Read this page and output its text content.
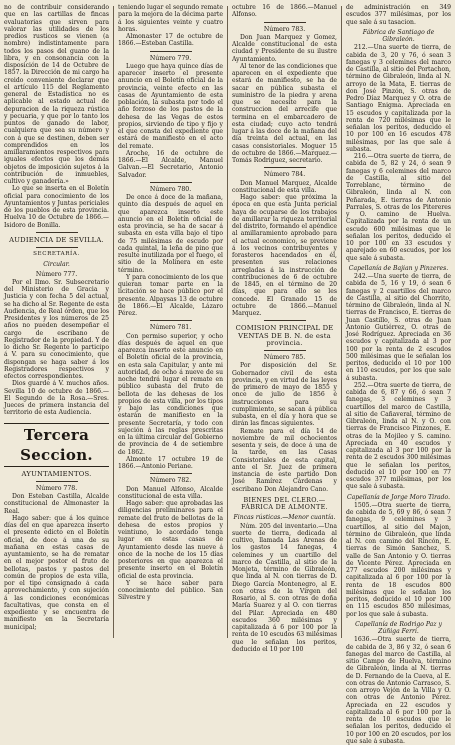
no de contribuir considerando que en las cartillas de fincas evaluatorias que sirven para valorar las utilidades de los predios rusticos se vienen (a nombre) indistintamente para todos los pasos del guano de la libra, y en consonancia con la disposición de 14 de Octubre de 1857. la Dirección de mi cargo ha creido conveniente declarar que el artículo 115 del Reglamento general de Estadística no es aplicable al estado actual de depuracion de la riqueza rústica y pecuaria, y que por lo tanto los puntos de ganado de labor, cualquiera que sea su número y con á que se destinen, deben ser comprendidos en los amillaramientos respectivos para iguales efectos que los demás objetos de imposición sujetos á la contribución de inmuebles, cultivo y ganadería.»

Lo que se inserta en el Boletín oficial para conocimiento de los Ayuntamientos y Juntas periciales de los pueblos de esta provincia. Huelva 10 de Octubre de 1866.—Isidoro de Bonilla.

AUDIENCIA DE SEVILLA.
SECRETARÍA.
Circular.
Número 777.

Por el Ilmo. Sr. Subsecretario del Ministerio de Gracia y Justicia y con fecha 5 del actual, se ha dicho al Sr. Regente de esta Audiencia, de Real órden, que los Presidentes y los números de 25 años no pueden desempeñar el cargo de escribano de Registrador de la propiedad. Y de lo dicho Sr. Regente lo participo á V. para su conocimiento, que dispongan se haga saber á los Registradores respectivos y efectos correspondientes.

Dios guarde á V. muchos años. Sevilla 10 de octubre de 1866.—El Segundo de la Rosa.—Sres. Jueces de primera instancia del territorio de esta Audiencia.

Tercera Seccion.
AYUNTAMIENTOS.
Número 778.

Don Esteban Castilla, Alcalde constitucional de Almonaster la Real.

Hago saber: que á los quince días del en que aparezca inserto el presente edicto en el Boletín oficial, de doce á una de su mañana en estas casas de ayuntamiento, se ha de rematar en el mejor postor el fruto de bellotas, pastos y pastos del común de propios de esta villa, por el tipo consignado á cada aprovechamiento, y con sujeción á las condiciones económicas facultativas, que consta en el expediente y se encuentra de manifiesto en la Secretaría municipal;

teniendo lugar el segundo remate para la mejora de la décima parte á los siguientes veinte y cuatro horas.

Almonaster 17 de octubre de 1866.—Esteban Castilla.

Número 779.

Luego que haya quince días de aparecer inserto el presente anuncio en el Boletín oficial de la provincia, veinte efecto en las casas de Ayuntamiento de esta población, la subasta por todo el año forzoso de los pastos de la dehesa de las Vegas de estos propios, sirviendo de tipo y fijo y el que consta del expediente que estará de manifiesto en el acto del remate.

Aroche, 16 de octubre de 1866.—El Alcalde, Manuel Galvan.—El Secretario, Antonio Salvador.

Número 780.

De once á doce de la mañana, quinto día después de aquel en que aparezca inserto este anuncio en el Boletín oficial de esta provincia, se ha de sacar á subasta en esta villa bajo el tipo de 75 milésimas de escudo por cada quintal, la leña de pino que resulte inutilizada por el fuego, el sitio de la Molinera en este término.

Y para conocimiento de los que quieran tomar parte en la licitación se hace público por el presente. Alpaysas 13 de octubre de 1866.—El Alcalde, Lázaro Pérez.

Número 781.

Con permiso superior, y ocho días después de aquel en que aparezca inserto este anuncio en el Boletín oficial de la provincia, en esta sala Capitular, y ante mi autoridad, de ocho á nueve de su noche tendrá lugar el remate en público subasta del fruto de bellota de las dehesas de los propios de esta villa, por los tipos y bajo las condiciones que estarán de manifiesto en la presente Secretaría, y todo con sujeción á las reglas prescritas en la última circular del Gobierno de provincia de 4 de setiembre de 1862.

Almonte 17 octubre 19 de 1866.—Antonio Periane.

Número 782.

Don Manuel Alfonso, Alcalde constitucional de esta villa.

Hago saber: que aprobadas las diligencias preliminares para el remate del fruto de bellotas de la dehesa de estos propios y veintiuno, lo acordado tenga lugar en estas casas de Ayuntamiento desde las nueve á once de la noche de los 15 días posteriores en que aparezca el presente inserto en el Boletín oficial de esta provincia.

Y se hace saber para conocimiento del público. San Silvestre y

octubre 16 de 1866.—Manuel Alfonso.

Número 783.

Don Juan Marquez y Gomez, Alcalde constitucional de esta ciudad y Presidente de su ilustre Ayuntamiento.

Al tenor de las condiciones que aparecen en el expediente que estará de manifiesto, se ha de sacar en pública subasta el suministro de la piedra y arena que se necesite para la construccion del arrecife que termina en el embarcadero de esta ciudad; cuyo acto tendrá lugar á las doce de la mañana del día treinta del actual, en las casas consistoriales. Moguer 15 de octubre de 1866.—Marquez.—Tomás Rodriguez, secretario.

Número 784.

Don Manuel Marquez, Alcalde constitucional de esta villa.

Hago saber: que próxima la época en que esta Junta pericial haya de ocuparse de los trabajos de amillarar la riqueza territorial del distrito, formando el apéndice al amillaramiento aprobado para el actual economico, se previene á los vecinos contribuyentes y forasteros hacendados en él, presenten sus relaciones arregladas á la instrucción de contribuciones de 6 de octubre de 1845, en el término de 20 días, que para ello se les concede. El Granado 15 de octubre de 1866.—Manuel Marquez.

COMISION PRINCIPAL DE VENTAS DE B. N. de esta provincia.
Número 785.

Por disposición del Sr. Gobernador civil de esta provincia, y en virtud de las leyes de primero de mayo de 1855 y once de julio de 1856 é instrucciones para su cumplimiento, se sacan á pública subasta, en el día y hora que se dirán las fincas siguientes.

Remate para el día 14 de noviembre de mil ochocientos sesenta y seis, de doce á una de la tarde, en las Casas Consistoriales de esta capital, ante el Sr. Juez de primera instancia de este partido Don José Ramírez Cárdenas y escribano Don Alejandro Cano.

BIENES DEL CLERO.—FÁBRICA DE ALMONTE.
Fincas rústicas.—Menor cuantía.

Núm. 205 del inventario.—Una suerte de tierra, dedicada al cultivo, llamada Las Arenas de los gastos 14 fanegas, 4 celemines y un cuartillo del marco de Castilla, al sitio de la Monjeta, término de Gibraleón, que linda al N. con tierras de D. Diego García Montenegro, al E. con otras de la Virgen del Rosario, al S. con otras de doña María Suarez y al O. con tierras del Pilar. Apreciada en 480 escudos 360 milésimas y capitalizada á 6 por 100 por la renta de 10 escudos 63 milésimas que le señalan los peritos, deducido el 10 por 100

de administración en 349 escudos 377 milésimas, por los que sale á su tasacion.

Fábrica de Santiago de Gibraleón.

212.—Una suerte de tierra, de cabida de 3, 20 y 76, ó sean 3 fanegas y 3 celemines del marco de Castilla, al sitio del Portachon, término de Gibraleón, linda al N. arroyo de la Mata, E. tierras de don José Pinzón, S. otras de Pedro Díaz Marquez y O. otra de Santiago Enigma. Apreciada en 15 escudos y capitalizada por la renta de 720 milésimas que le señalan los peritos, deducido el 10 por 100 en 16 escudos 478 milésimas, por las que sale á subasta.

216.—Otra suerte de tierra, de cabida de 5, 82 y 24, ó sean 9 fanegas y 6 celemines del marco de Castilla, al sitio del Torreblanc, término de Gibraleón, linda al N. con Peñarada, E. tierras de Antonio Parrales, S. otras de los Pitereres y O. camino de Huelva. Capitalizada por la renta de un escudo 600 milésimas que le señalan los peritos, deducido el 10 por 100 en 33 escudos y aparejado en 60 escudos, por los que sale á subasta.

Capellanía de Bajian y Pinzeres.

242.—Una suerte de tierra, de cabida de 5, 16 y 19, ó sean 6 fanegas y 2 cuartillos del marco de Castilla, al sitio del Chorrito, término de Gibraleón, linda al N. tierras de Francisco, E. tierras de Juan Castillo, S. otras de Juan Antonio Gutiérrez, O. otras de José Rodríguez. Apreciada en 36 escudos y capitalizada al 3 por 100 por la renta de 2 escudos 500 milésimas que le señalan los peritos, deducido el 10 por 100 en 110 escudos, por los que sale á subasta.

252.—Otra suerte de tierra, de cabida de 6, 87 y 66, ó sean 7 fanegas, 3 celemines y 3 cuartillos del marco de Castilla, al sitio de Cañaveral, término de Gibraleón, linda al N. y O. con tierras de Francisco Pinzones, E. otras de la Mojileo y S. camino. Apreciada en 40 escudos y capitalizada al 3 por 100 por la renta de 2 escudos 300 milésimas que le señalan los peritos, deducido el 10 por 100 en 77 escudos 377 milésimas, por los que sale á subasta.

Capellanía de Jorge Moro Tirado.

1505.—Otra suerte de tierra, de cabida de 5, 69 y 86, ó sean 7 fanegas, 9 celemines y 3 cuartillos, al sitio del Majon, término de Gibraleón, que linda al N. con camino del Rincón, E. tierras de Simón Sanchez, S. valle de San Antonio y O. tierras de Vicente Pérez. Apreciada en 277 escudos 200 milésimas y capitalizada al 6 por 100 por la renta de 18 escudos 800 milésimas que le señalan los peritos, deducido el 10 por 100 en 115 escudos 850 milésimas, por los que sale á subasta.

Capellanía de Rodrigo Paz y Zúñiga Ferri.

1636.—Otra suerte de tierra, de cabida de 3, 86 y 32, ó sean 6 fanegas del marco de Castilla, al sitio Campo de Huelva, término de Gibraleón, linda al N. tierras de D. Fernando de la Cueva, al E. con otras de Antonio Carrasco, S. con arroyo Vejón de la Villa y O. con otras de Antonio Pérez. Apreciada en 22 escudos y capitalizada al 6 por 100 por la renta de 10 escudos que le señalan los peritos, deducido el 10 por 100 en 20 escudos, por los que sale á subasta.
